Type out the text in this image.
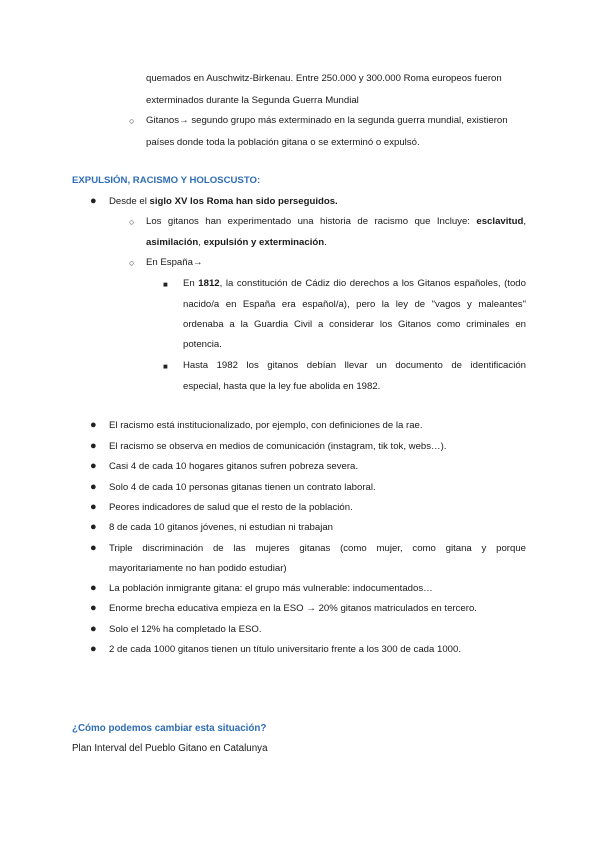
quemados en Auschwitz-Birkenau. Entre 250.000 y 300.000 Roma europeos fueron
exterminados durante la Segunda Guerra Mundial
○ Gitanos→ segundo grupo más exterminado en la segunda guerra mundial, existieron
países donde toda la población gitana o se exterminó o expulsó.
EXPULSIÓN, RACISMO Y HOLOSCUSTO:
● Desde el siglo XV los Roma han sido perseguidos.
○ Los gitanos han experimentado una historia de racismo que Incluye: esclavitud,
asimilación, expulsión y exterminación.
○ En España→
■ En 1812, la constitución de Cádiz dio derechos a los Gitanos españoles, (todo
nacido/a en España era español/a), pero la ley de "vagos y maleantes"
ordenaba a la Guardia Civil a considerar los Gitanos como criminales en
potencia.
■ Hasta 1982 los gitanos debían llevar un documento de identificación
especial, hasta que la ley fue abolida en 1982.
● El racismo está institucionalizado, por ejemplo, con definiciones de la rae.
● El racismo se observa en medios de comunicación (instagram, tik tok, webs…).
● Casi 4 de cada 10 hogares gitanos sufren pobreza severa.
● Solo 4 de cada 10 personas gitanas tienen un contrato laboral.
● Peores indicadores de salud que el resto de la población.
● 8 de cada 10 gitanos jóvenes, ni estudian ni trabajan
● Triple discriminación de las mujeres gitanas (como mujer, como gitana y porque
mayoritariamente no han podido estudiar)
● La población inmigrante gitana: el grupo más vulnerable: indocumentados…
● Enorme brecha educativa empieza en la ESO → 20% gitanos matriculados en tercero.
● Solo el 12% ha completado la ESO.
● 2 de cada 1000 gitanos tienen un título universitario frente a los 300 de cada 1000.
¿Cómo podemos cambiar esta situación?
Plan Interval del Pueblo Gitano en Catalunya
